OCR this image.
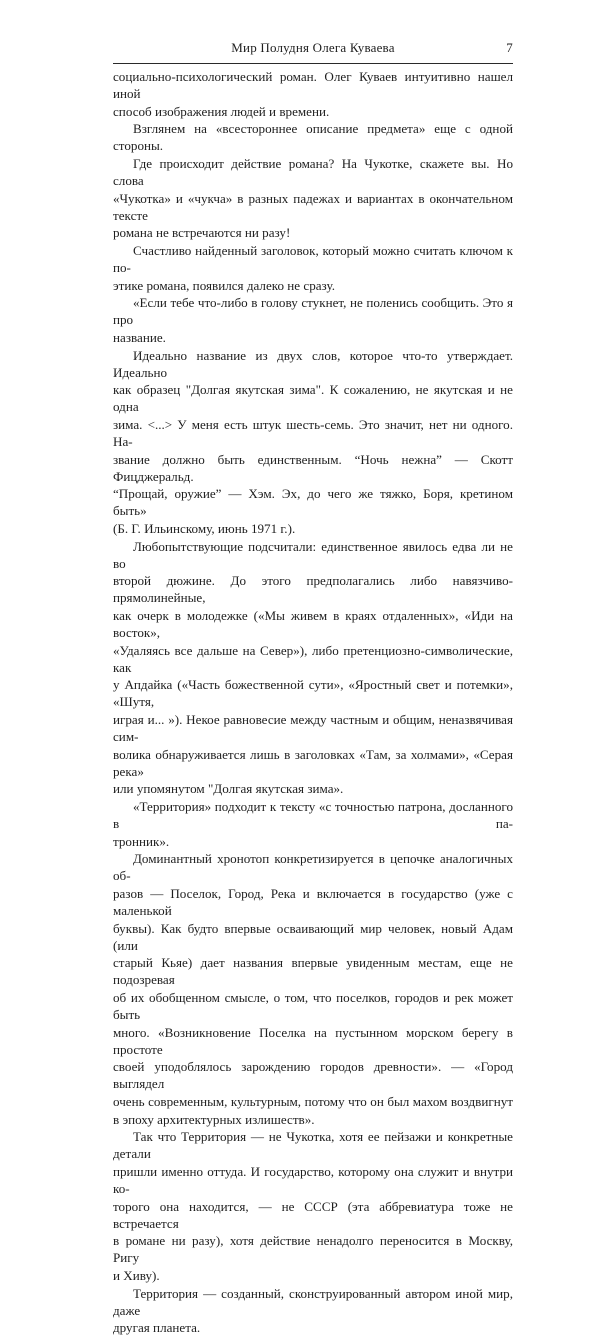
Мир Полудня Олега Куваева	7

социально-психологический роман. Олег Куваев интуитивно нашел иной

способ изображения людей и времени.

Взглянем на «всестороннее описание предмета» еще с одной стороны.

Где происходит действие романа? На Чукотке, скажете вы. Но слова

«Чукотка» и «чукча» в разных падежах и вариантах в окончательном тексте

романа не встречаются ни разу!

Счастливо найденный заголовок, который можно считать ключом к по-

этике романа, появился далеко не сразу.

«Если тебе что-либо в голову стукнет, не поленись сообщить. Это я про

название.

Идеально название из двух слов, которое что-то утверждает. Идеально

как образец "Долгая якутская зима". К сожалению, не якутская и не одна

зима. <...> У меня есть штук шесть-семь. Это значит, нет ни одного. На-

звание должно быть единственным. “Ночь нежна” — Скотт Фицджеральд.

“Прощай, оружие” — Хэм. Эх, до чего же тяжко, Боря, кретином быть»

(Б. Г. Ильинскому, июнь 1971 г.).

Любопытствующие подсчитали: единственное явилось едва ли не во

второй дюжине. До этого предполагались либо навязчиво-прямолинейные,

как очерк в молодежке («Мы живем в краях отдаленных», «Иди на восток»,

«Удаляясь все дальше на Север»), либо претенциозно-символические, как

у Апдайка («Часть божественной сути», «Яростный свет и потемки», «Шутя,

играя и... »). Некое равновесие между частным и общим, неназвячивая сим-

волика обнаруживается лишь в заголовках «Там, за холмами», «Серая река»

или упомянутом "Долгая якутская зима».

«Территория» подходит к тексту «с точностью патрона, досланного в па-

тронник».

Доминантный хронотоп конкретизируется в цепочке аналогичных об-

разов — Поселок, Город, Река и включается в государство (уже с маленькой

буквы). Как будто впервые осваивающий мир человек, новый Адам (или

старый Кьяе) дает названия впервые увиденным местам, еще не подозревая

об их обобщенном смысле, о том, что поселков, городов и рек может быть

много. «Возникновение Поселка на пустынном морском берегу в простоте

своей уподоблялось зарождению городов древности». — «Город выглядел

очень современным, культурным, потому что он был махом воздвигнут

в эпоху архитектурных излишеств».

Так что Территория — не Чукотка, хотя ее пейзажи и конкретные детали

пришли именно оттуда. И государство, которому она служит и внутри ко-

торого она находится, — не СССР (эта аббревиатура тоже не встречается

в романе ни разу), хотя действие ненадолго переносится в Москву, Ригу

и Хиву).

Территория — созданный, сконструированный автором иной мир, даже

другая планета.
